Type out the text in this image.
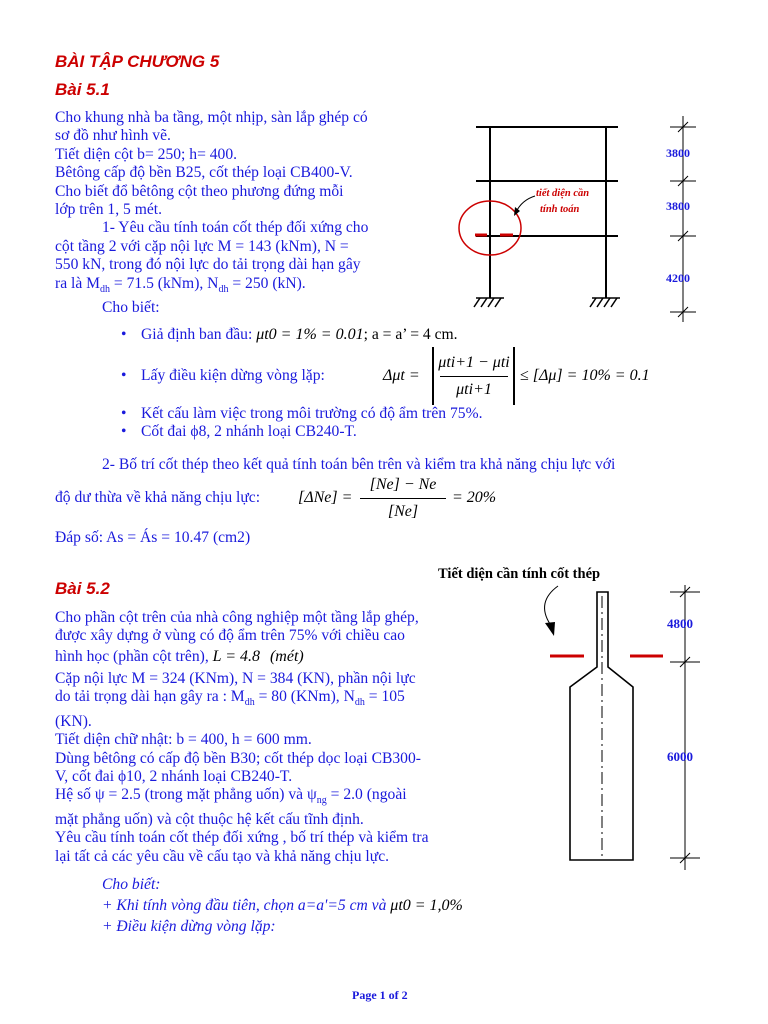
BÀI TẬP CHƯƠNG 5
Bài 5.1
Cho khung nhà ba tầng, một nhịp, sàn lắp ghép có
sơ đồ như hình vẽ.
Tiết diện cột b= 250; h= 400.
Bêtông cấp độ bền B25, cốt thép loại CB400-V.
Cho biết đổ bêtông cột theo phương đứng mỗi
lớp trên 1, 5 mét.
1- Yêu cầu tính toán cốt thép đối xứng cho
cột tầng 2 với cặp nội lực M = 143 (kNm), N =
550 kN, trong đó nội lực do tải trọng dài hạn gây
ra là $M_{dh} = 71.5$ (kNm), $N_{dh} = 250$ (kN).
Cho biết:
• Giả định ban đầu: μt0 = 1% = 0.01; a = a’ = 4 cm.
• Lấy điều kiện dừng vòng lặp:	Δμt =
μti+1 − μti
μti+1
≤ [Δμ] = 10% = 0.1
• Kết cấu làm việc trong môi trường có độ ẩm trên 75%.
• Cốt đai ϕ8, 2 nhánh loại CB240-T.
2- Bố trí cốt thép theo kết quả tính toán bên trên và kiểm tra khả năng chịu lực với
độ dư thừa về khả năng chịu lực: [ΔNe] =
[Ne] − Ne
[Ne]
= 20%
Đáp số: As = Ás = 10.47 (cm2)
tiết diện cần
tính toán
3800
3800
4200
Bài 5.2
Cho phần cột trên của nhà công nghiệp một tầng lắp ghép,
được xây dựng ở vùng có độ ẩm trên 75% với chiều cao
hình học (phần cột trên), L = 4.8 (mét)
Cặp nội lực M = 324 (KNm), N = 384 (KN), phần nội lực
do tải trọng dài hạn gây ra : $M_{dh} = 80$ (KNm), $N_{dh} = 105$
(KN).
Tiết diện chữ nhật: b = 400, h = 600 mm.
Dùng bêtông có cấp độ bền B30; cốt thép dọc loại CB300-
V, cốt đai ϕ10, 2 nhánh loại CB240-T.
Hệ số ψ = 2.5 (trong mặt phẳng uốn) và $\psi_{ng} = 2.0$ (ngoài
mặt phẳng uốn) và cột thuộc hệ kết cấu tĩnh định.
Yêu cầu tính toán cốt thép đối xứng , bố trí thép và kiểm tra
lại tất cả các yêu cầu về cấu tạo và khả năng chịu lực.
Cho biết:
+ Khi tính vòng đầu tiên, chọn a=a'=5 cm và μt0 = 1,0%
+ Điều kiện dừng vòng lặp:
Tiết diện cần tính cốt thép
4800
6000
Page 1 of 2
